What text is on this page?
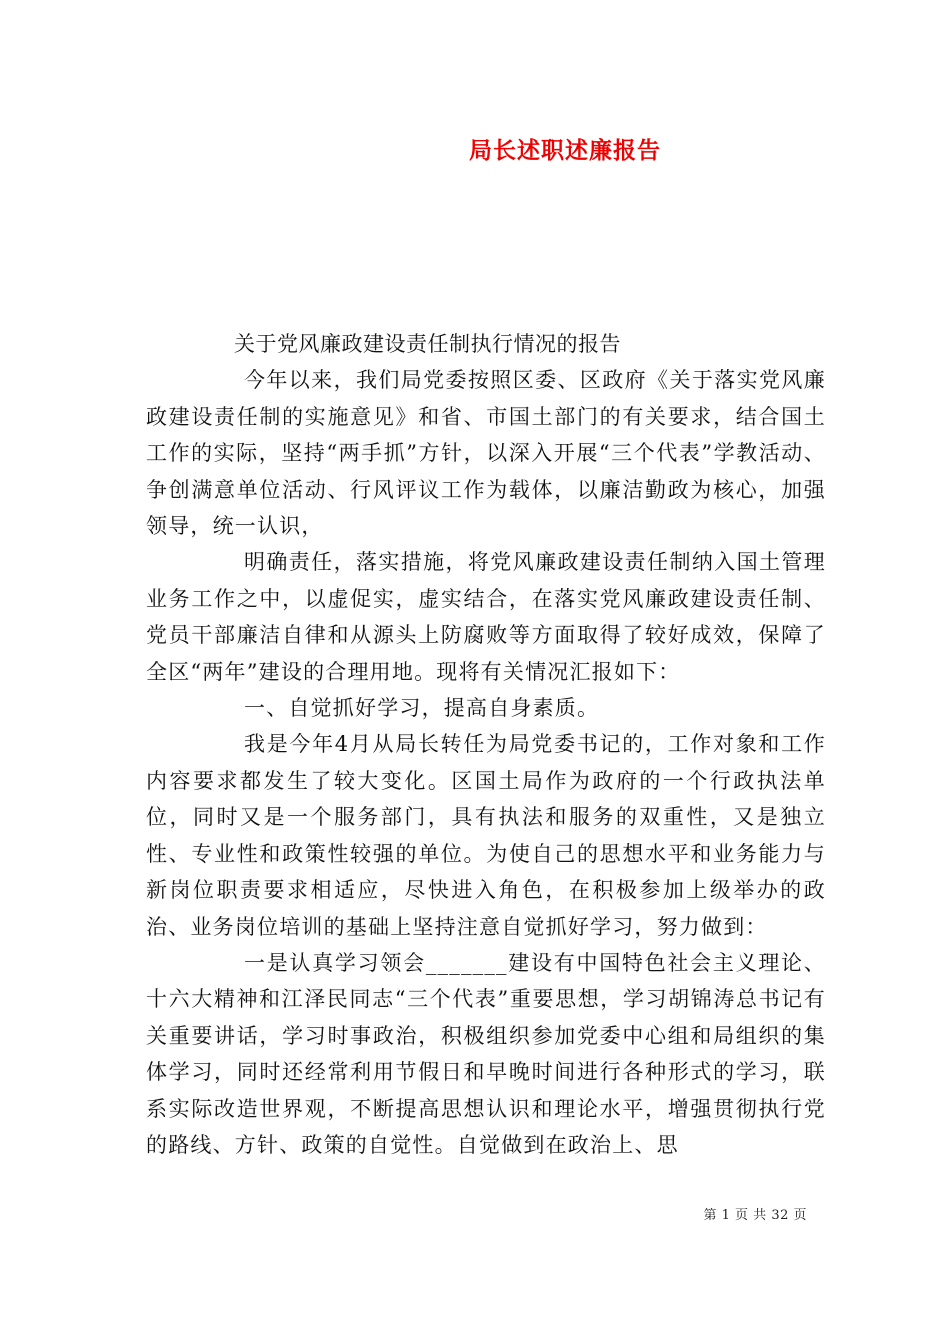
局长述职述廉报告

关于党风廉政建设责任制执行情况的报告

今年以来，我们局党委按照区委、区政府《关于落实党风廉政建设责任制的实施意见》和省、市国土部门的有关要求，结合国土工作的实际，坚持“两手抓”方针，以深入开展“三个代表”学教活动、争创满意单位活动、行风评议工作为载体，以廉洁勤政为核心，加强领导，统一认识，

明确责任，落实措施，将党风廉政建设责任制纳入国土管理业务工作之中，以虚促实，虚实结合，在落实党风廉政建设责任制、党员干部廉洁自律和从源头上防腐败等方面取得了较好成效，保障了全区“两年”建设的合理用地。现将有关情况汇报如下：

一、自觉抓好学习，提高自身素质。

我是今年4月从局长转任为局党委书记的，工作对象和工作内容要求都发生了较大变化。区国土局作为政府的一个行政执法单位，同时又是一个服务部门，具有执法和服务的双重性，又是独立性、专业性和政策性较强的单位。为使自己的思想水平和业务能力与新岗位职责要求相适应，尽快进入角色，在积极参加上级举办的政治、业务岗位培训的基础上坚持注意自觉抓好学习，努力做到：

一是认真学习领会_______建设有中国特色社会主义理论、十六大精神和江泽民同志“三个代表”重要思想，学习胡锦涛总书记有关重要讲话，学习时事政治，积极组织参加党委中心组和局组织的集体学习，同时还经常利用节假日和早晚时间进行各种形式的学习，联系实际改造世界观，不断提高思想认识和理论水平，增强贯彻执行党的路线、方针、政策的自觉性。自觉做到在政治上、思

第 1 页 共 32 页
